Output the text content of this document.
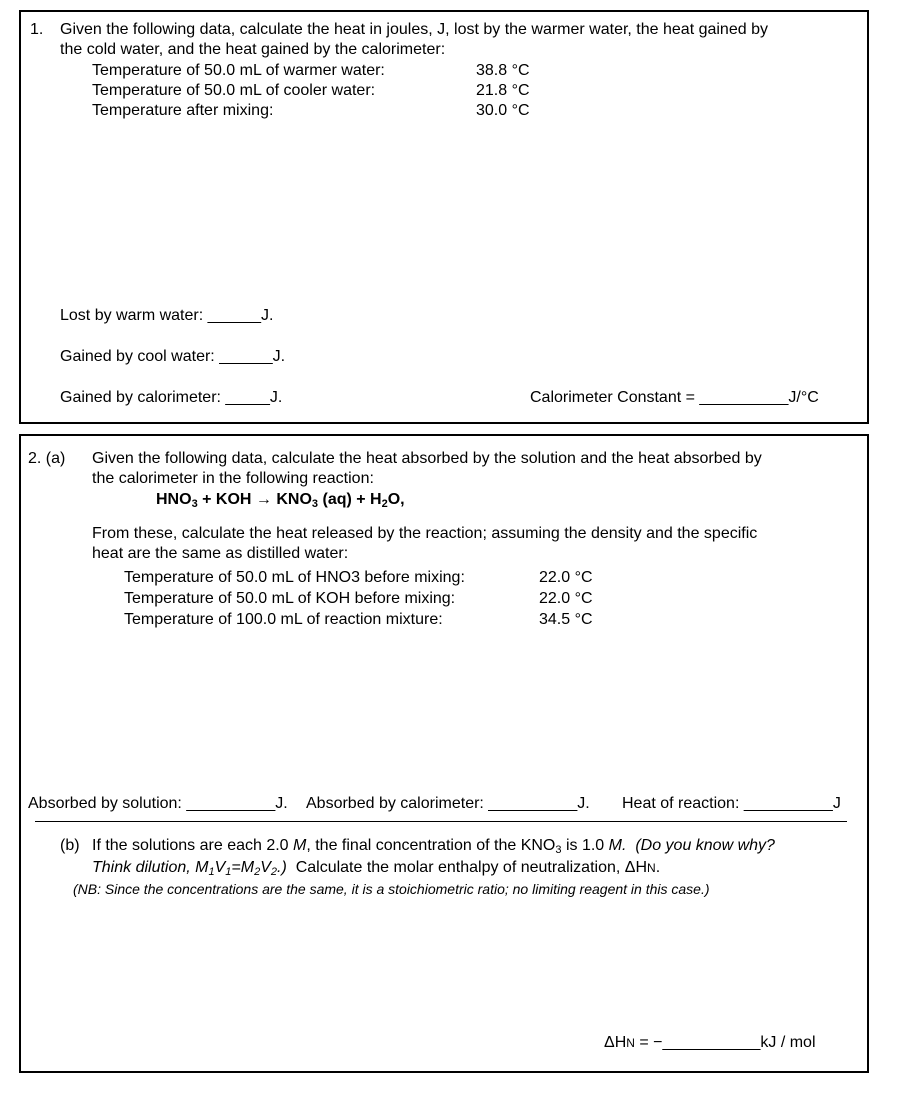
1. Given the following data, calculate the heat in joules, J, lost by the warmer water, the heat gained by
the cold water, and the heat gained by the calorimeter:
Temperature of 50.0 mL of warmer water:	38.8 °C
Temperature of 50.0 mL of cooler water:	21.8 °C
Temperature after mixing:	30.0 °C
Lost by warm water: ______J.
Gained by cool water: ______J.
Gained by calorimeter: _____J.	Calorimeter Constant = __________J/°C
2. (a) Given the following data, calculate the heat absorbed by the solution and the heat absorbed by
the calorimeter in the following reaction:
$HNO_3$ + KOH → $KNO_3$ $(aq) + H_2O$,
From these, calculate the heat released by the reaction; assuming the density and the specific
heat are the same as distilled water:
Temperature of 50.0 mL of HNO3 before mixing:	22.0 °C
Temperature of 50.0 mL of KOH before mixing:	22.0 °C
Temperature of 100.0 mL of reaction mixture:	34.5 °C
Absorbed by solution: __________J. Absorbed by calorimeter: __________J. Heat of reaction: __________J
(b) If the solutions are each 2.0 M, the final concentration of the $KNO_3$ is 1.0 M. (Do you know why?
Think dilution, $M_1V_1=M_2V_2$.) Calculate the molar enthalpy of neutralization, ΔHN.
(NB: Since the concentrations are the same, it is a stoichiometric ratio; no limiting reagent in this case.)
ΔHN = −___________kJ / mol
